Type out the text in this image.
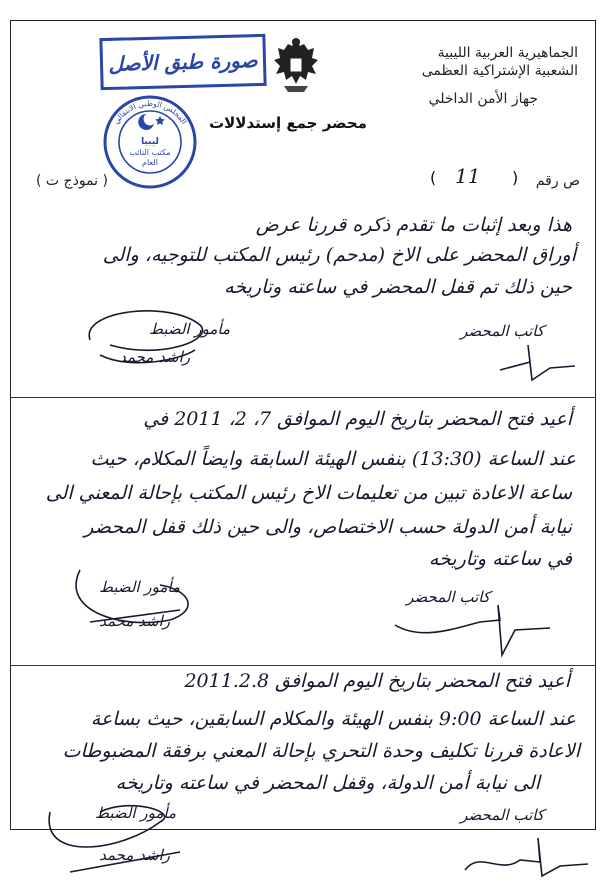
الجماهيرية العربية الليبية
الشعبية الإشتراكية العظمى
جهاز الأمن الداخلي
محضر جمع إستدلالات
صورة طبق الأصل
المجلس الوطني الانتقالي
ليبيا
مكتب النائب
العام
ص رقم
( 11 )
( نموذج ت )
هذا وبعد إثبات ما تقدم ذكره قررنا عرض
أوراق المحضر على الاخ (مدحم) رئيس المكتب للتوجيه، والى
حين ذلك تم قفل المحضر في ساعته وتاريخه
مأمور الضبط
راشد محمد
كاتب المحضر
أعيد فتح المحضر بتاريخ اليوم الموافق 7، 2، 2011 في
عند الساعة (13:30) بنفس الهيئة السابقة وايضاً المكلام، حيث
ساعة الاعادة تبين من تعليمات الاخ رئيس المكتب بإحالة المعني الى
نيابة أمن الدولة حسب الاختصاص، والى حين ذلك قفل المحضر
في ساعته وتاريخه
مأمور الضبط
راشد محمد
كاتب المحضر
أعيد فتح المحضر بتاريخ اليوم الموافق 2011.2.8
عند الساعة 9:00 بنفس الهيئة والمكلام السابقين، حيث بساعة
الاعادة قررنا تكليف وحدة التحري بإحالة المعني برفقة المضبوطات
الى نيابة أمن الدولة، وقفل المحضر في ساعته وتاريخه
مأمور الضبط
راشد محمد
كاتب المحضر
